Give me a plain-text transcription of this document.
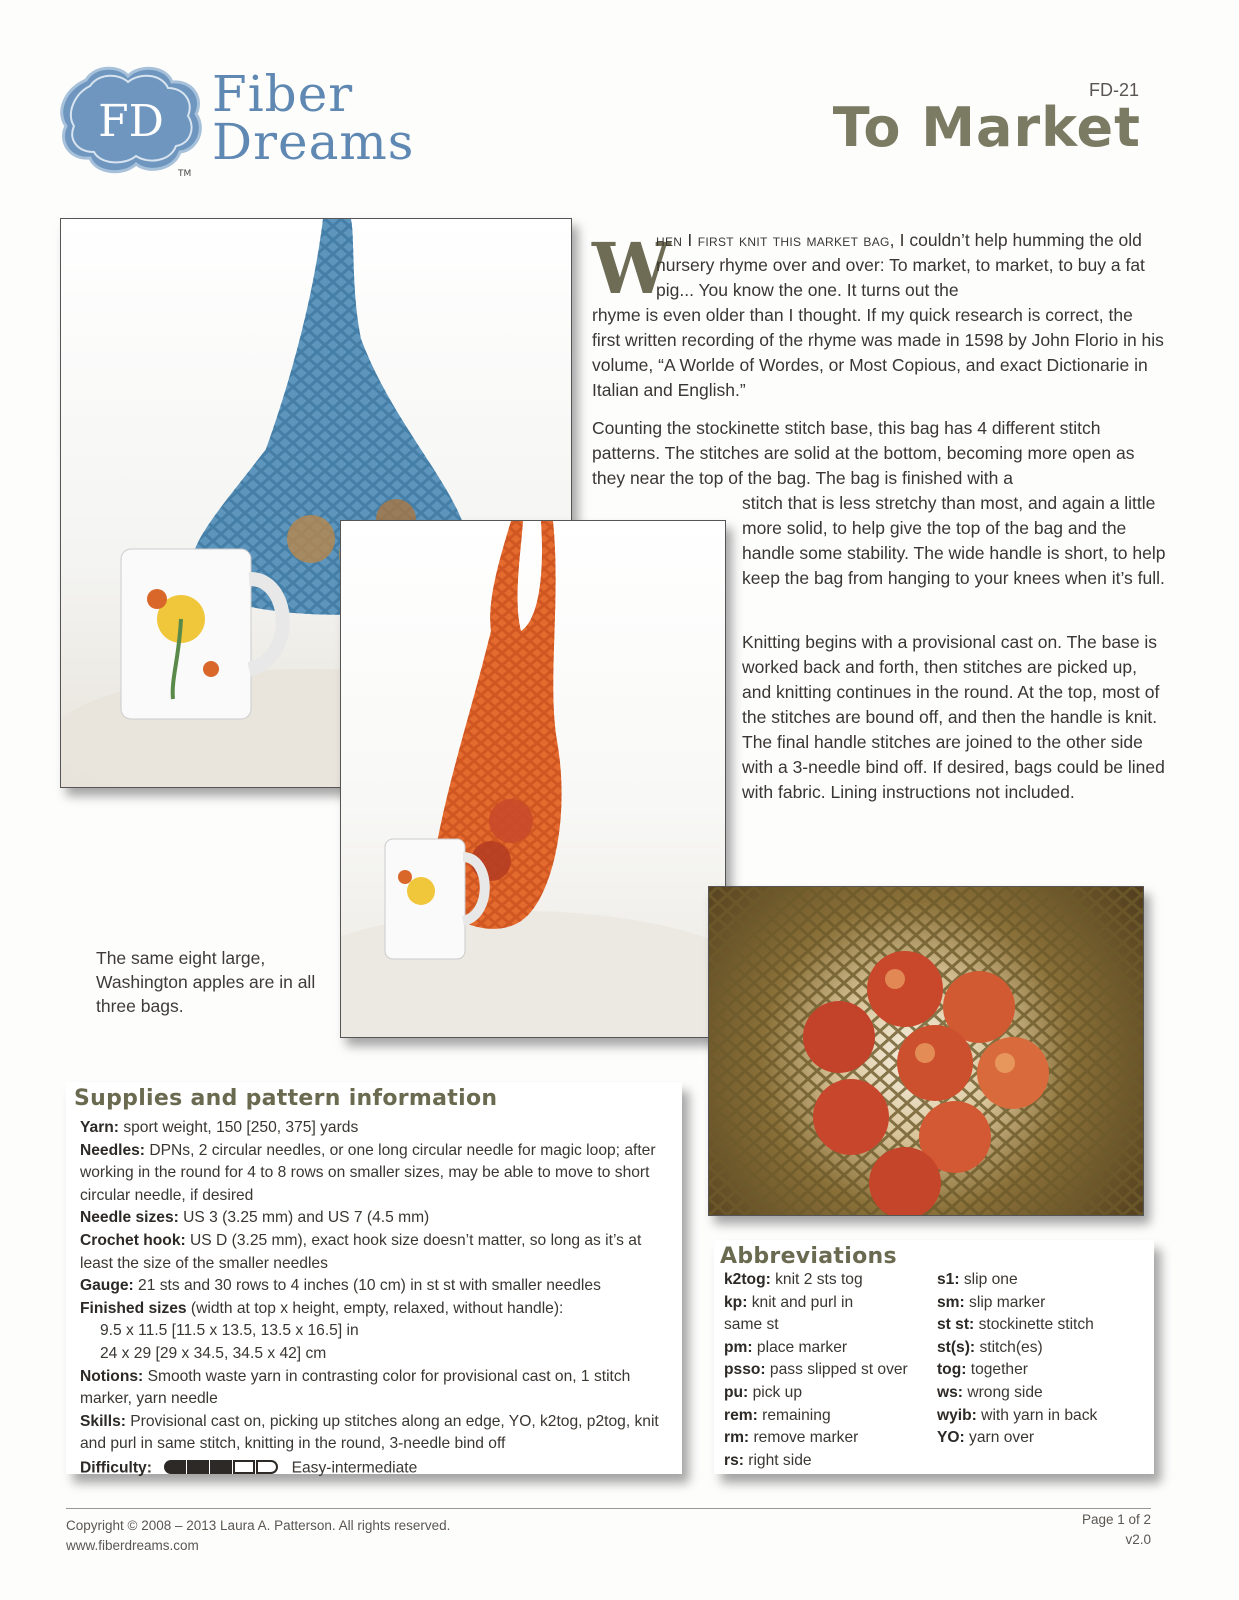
FD
TM
Fiber
Dreams
FD-21
To Market
The same eight large, Washington apples are in all three bags.
W
hen I first knit this market bag, I couldn’t help humming the old nursery rhyme over and over: To market, to market, to buy a fat pig... You know the one. It turns out the
rhyme is even older than I thought. If my quick research is correct, the first written recording of the rhyme was made in 1598 by John Florio in his volume, “A Worlde of Wordes, or Most Copious, and exact Dictionarie in Italian and English.”
Counting the stockinette stitch base, this bag has 4 different stitch patterns. The stitches are solid at the bottom, becoming more open as they near the top of the bag. The bag is finished with a
stitch that is less stretchy than most, and again a little more solid, to help give the top of the bag and the handle some stability. The wide handle is short, to help keep the bag from hanging to your knees when it’s full.
Knitting begins with a provisional cast on. The base is worked back and forth, then stitches are picked up, and knitting continues in the round. At the top, most of the stitches are bound off, and then the handle is knit. The final handle stitches are joined to the other side with a 3-needle bind off. If desired, bags could be lined with fabric. Lining instructions not included.
Supplies and pattern information
Yarn: sport weight, 150 [250, 375] yards
Needles: DPNs, 2 circular needles, or one long circular needle for magic loop; after working in the round for 4 to 8 rows on smaller sizes, may be able to move to short circular needle, if desired
Needle sizes: US 3 (3.25 mm) and US 7 (4.5 mm)
Crochet hook: US D (3.25 mm), exact hook size doesn’t matter, so long as it’s at least the size of the smaller needles
Gauge: 21 sts and 30 rows to 4 inches (10 cm) in st st with smaller needles
Finished sizes (width at top x height, empty, relaxed, without handle):
9.5 x 11.5 [11.5 x 13.5, 13.5 x 16.5] in
24 x 29 [29 x 34.5, 34.5 x 42] cm
Notions: Smooth waste yarn in contrasting color for provisional cast on, 1 stitch marker, yarn needle
Skills: Provisional cast on, picking up stitches along an edge, YO, k2tog, p2tog, knit and purl in same stitch, knitting in the round, 3-needle bind off
Difficulty:	Easy-intermediate
Abbreviations
k2tog: knit 2 sts tog
kp: knit and purl in
same st
pm: place marker
psso: pass slipped st over
pu: pick up
rem: remaining
rm: remove marker
rs: right side
s1: slip one
sm: slip marker
st st: stockinette stitch
st(s): stitch(es)
tog: together
ws: wrong side
wyib: with yarn in back
YO: yarn over
Copyright © 2008 – 2013 Laura A. Patterson. All rights reserved.
www.fiberdreams.com
Page 1 of 2
v2.0
